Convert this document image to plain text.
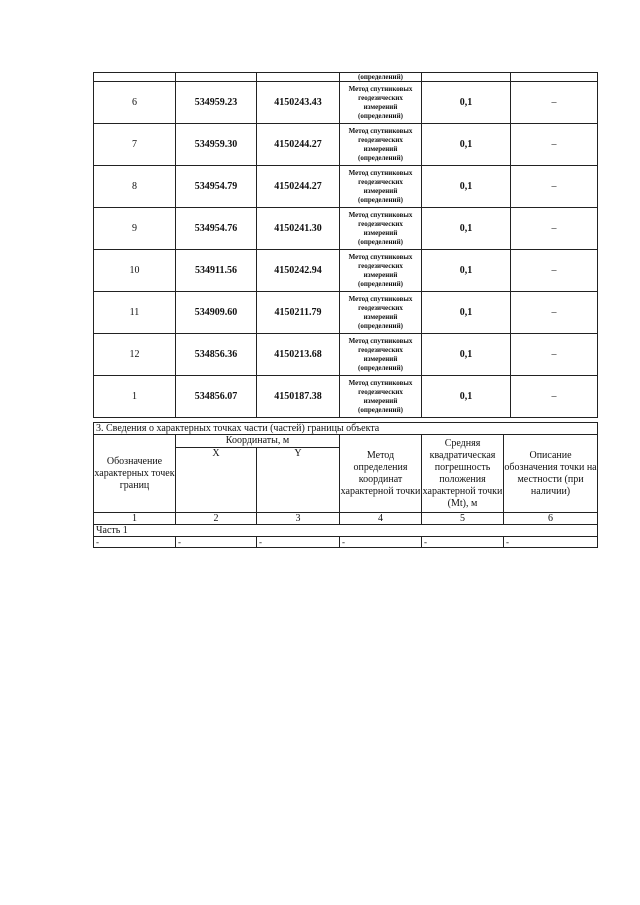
			(определений)		
6	534959.23	4150243.43	Метод спутниковых
геодезических
измерений
(определений)	0,1	–
7	534959.30	4150244.27	Метод спутниковых
геодезических
измерений
(определений)	0,1	–
8	534954.79	4150244.27	Метод спутниковых
геодезических
измерений
(определений)	0,1	–
9	534954.76	4150241.30	Метод спутниковых
геодезических
измерений
(определений)	0,1	–
10	534911.56	4150242.94	Метод спутниковых
геодезических
измерений
(определений)	0,1	–
11	534909.60	4150211.79	Метод спутниковых
геодезических
измерений
(определений)	0,1	–
12	534856.36	4150213.68	Метод спутниковых
геодезических
измерений
(определений)	0,1	–
1	534856.07	4150187.38	Метод спутниковых
геодезических
измерений
(определений)	0,1	–
3. Сведения о характерных точках части (частей) границы объекта					
Обозначение характерных точек границ	Координаты, м		Метод определения координат характерной точки	Средняя квадратическая погрешность положения характерной точки (Mt), м	Описание обозначения точки на местности (при наличии)
	X	Y			
1	2	3	4	5	6
Часть 1					
-	-	-	-	-	-
